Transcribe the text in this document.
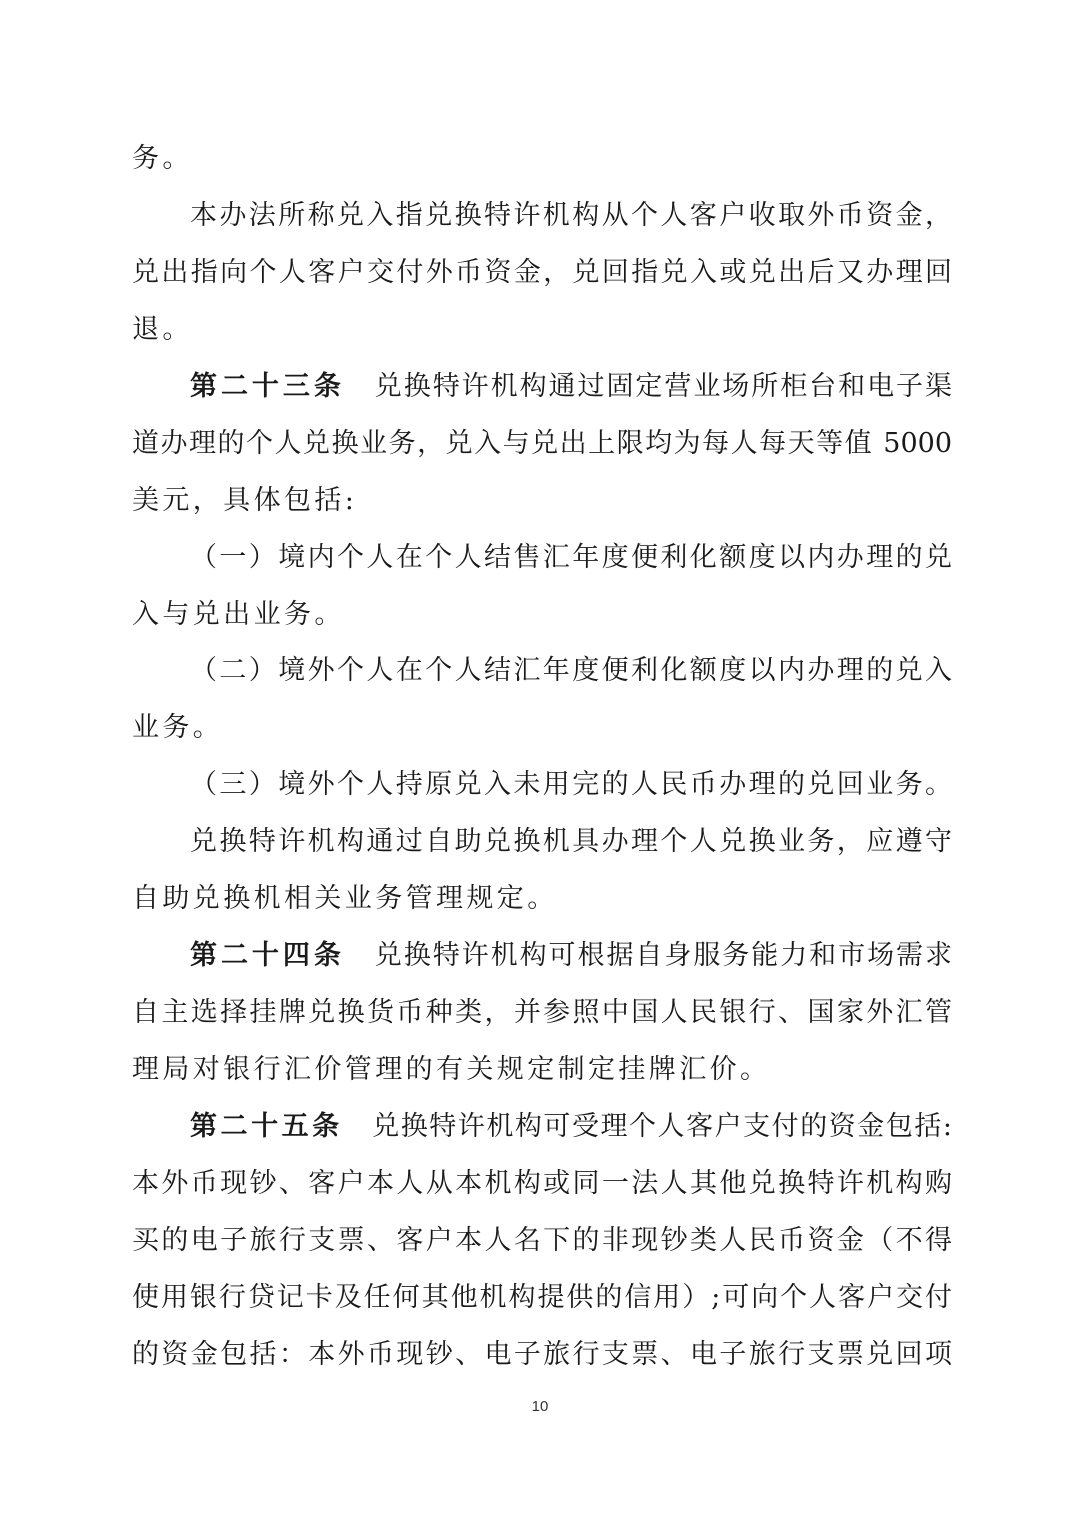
务。
本办法所称兑入指兑换特许机构从个人客户收取外币资金，
兑出指向个人客户交付外币资金，兑回指兑入或兑出后又办理回
退。
第二十三条 兑换特许机构通过固定营业场所柜台和电子渠
道办理的个人兑换业务，兑入与兑出上限均为每人每天等值 5000
美元，具体包括:
（一）境内个人在个人结售汇年度便利化额度以内办理的兑
入与兑出业务。
（二）境外个人在个人结汇年度便利化额度以内办理的兑入
业务。
（三）境外个人持原兑入未用完的人民币办理的兑回业务。
兑换特许机构通过自助兑换机具办理个人兑换业务，应遵守
自助兑换机相关业务管理规定。
第二十四条 兑换特许机构可根据自身服务能力和市场需求
自主选择挂牌兑换货币种类，并参照中国人民银行、国家外汇管
理局对银行汇价管理的有关规定制定挂牌汇价。
第二十五条 兑换特许机构可受理个人客户支付的资金包括:
本外币现钞、客户本人从本机构或同一法人其他兑换特许机构购
买的电子旅行支票、客户本人名下的非现钞类人民币资金（不得
使用银行贷记卡及任何其他机构提供的信用）;可向个人客户交付
的资金包括：本外币现钞、电子旅行支票、电子旅行支票兑回项
10
